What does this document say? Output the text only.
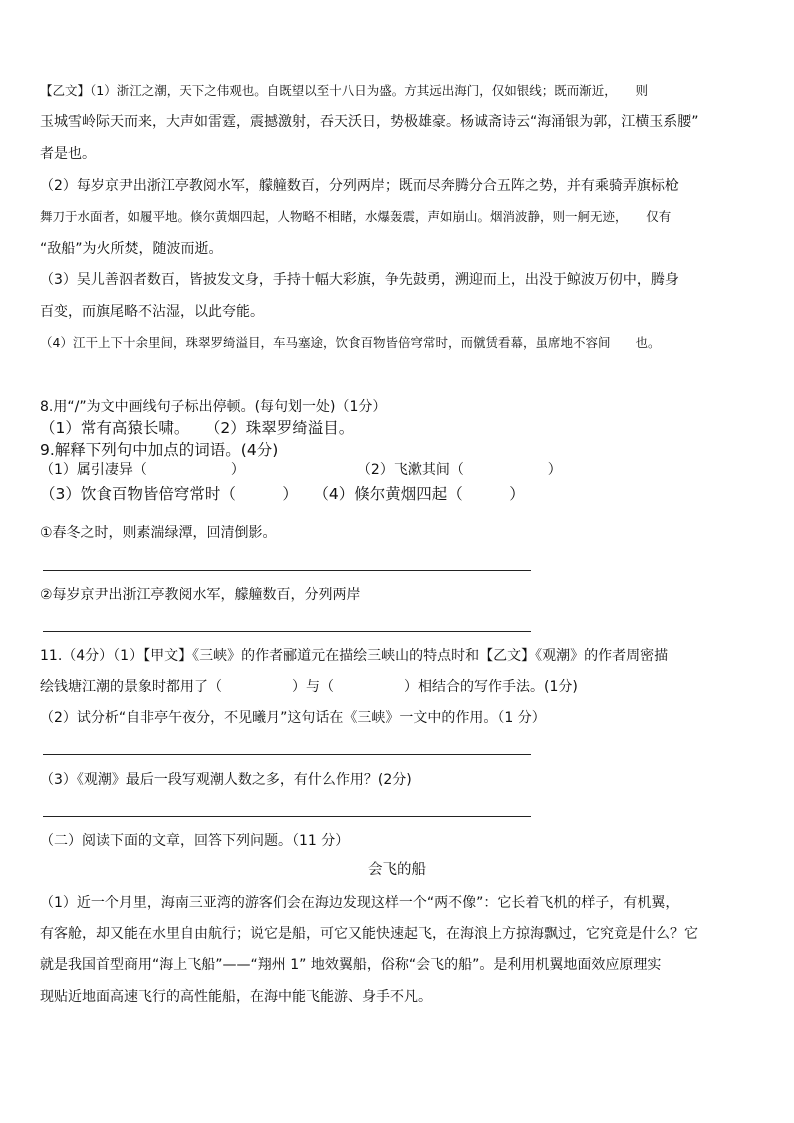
【乙文】（1）浙江之潮，天下之伟观也。自既望以至十八日为盛。方其远出海门，仅如银线；既而渐近，　　则
玉城雪岭际天而来，大声如雷霆，震撼激射，吞天沃日，势极雄豪。杨诚斋诗云“海涌银为郭，江横玉系腰”
者是也。
（2）每岁京尹出浙江亭教阅水军，艨艟数百，分列两岸；既而尽奔腾分合五阵之势，并有乘骑弄旗标枪
舞刀于水面者，如履平地。倏尔黄烟四起，人物略不相睹，水爆轰震，声如崩山。烟消波静，则一舸无迹，　　仅有
“敌船”为火所焚，随波而逝。
（3）吴儿善泅者数百，皆披发文身，手持十幅大彩旗，争先鼓勇，溯迎而上，出没于鲸波万仞中，腾身
百变，而旗尾略不沾湿，以此夸能。
（4）江干上下十余里间，珠翠罗绮溢目，车马塞途，饮食百物皆倍穹常时，而僦赁看幕，虽席地不容间　　也。
8.用“/”为文中画线句子标出停顿。(每句划一处)（1分）
（1）常有高猿长啸。　　（2）珠翠罗绮溢目。
9.解释下列句中加点的词语。(4分)
（1）属引凄异（　　　　　　）　　　　　　　　　（2）飞漱其间（　　　　　　）
（3）饮食百物皆倍穹常时（　　　）　　（4）倏尔黄烟四起（　　　）
①春冬之时，则素湍绿潭，回清倒影。
②每岁京尹出浙江亭教阅水军，艨艟数百，分列两岸
11.（4分）（1）【甲文】《三峡》的作者郦道元在描绘三峡山的特点时和【乙文】《观潮》的作者周密描
绘钱塘江潮的景象时都用了（　　　　　）与（　　　　　）相结合的写作手法。(1分)
（2）试分析“自非亭午夜分，不见曦月”这句话在《三峡》一文中的作用。（1 分）
（3）《观潮》最后一段写观潮人数之多，有什么作用？(2分)
（二）阅读下面的文章，回答下列问题。（11 分）
会飞的船
（1）近一个月里，海南三亚湾的游客们会在海边发现这样一个“两不像”：它长着飞机的样子，有机翼，
有客舱，却又能在水里自由航行；说它是船，可它又能快速起飞，在海浪上方掠海飘过，它究竟是什么？它
就是我国首型商用“海上飞船”——“翔州 1” 地效翼船，俗称“会飞的船”。是利用机翼地面效应原理实
现贴近地面高速飞行的高性能船，在海中能飞能游、身手不凡。
